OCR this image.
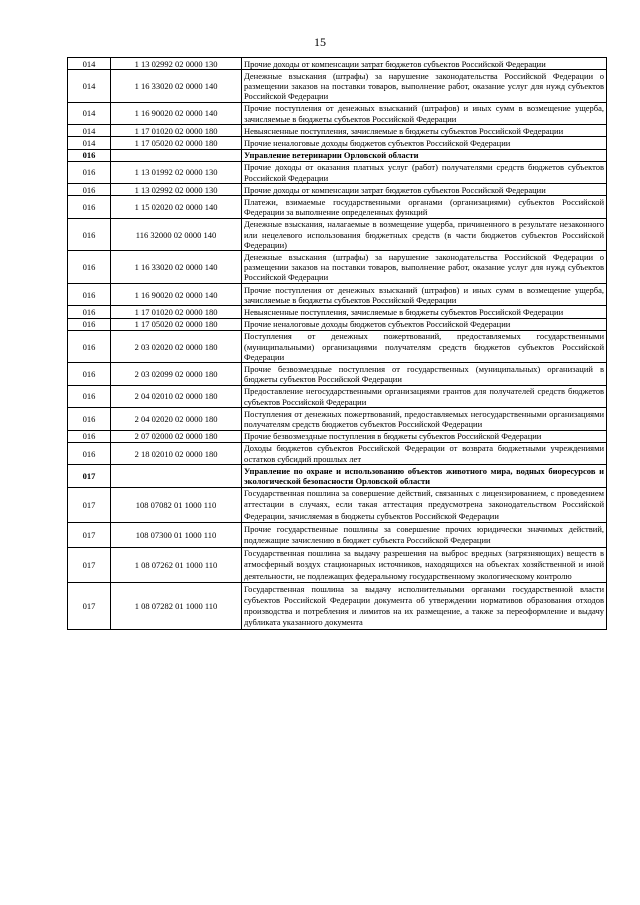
15
014	1 13 02992 02 0000 130	Прочие доходы от компенсации затрат бюджетов субъектов Российской Федерации
014	1 16 33020 02 0000 140	Денежные взыскания (штрафы) за нарушение законодательства Российской Федерации о размещении заказов на поставки товаров, выполнение работ, оказание услуг для нужд субъектов Российской Федерации
014	1 16 90020 02 0000 140	Прочие поступления от денежных взысканий (штрафов) и иных сумм в возмещение ущерба, зачисляемые в бюджеты субъектов Российской Федерации
014	1 17 01020 02 0000 180	Невыясненные поступления, зачисляемые в бюджеты субъектов Российской Федерации
014	1 17 05020 02 0000 180	Прочие неналоговые доходы бюджетов субъектов Российской Федерации
016		Управление ветеринарии Орловской области
016	1 13 01992 02 0000 130	Прочие доходы от оказания платных услуг (работ) получателями средств бюджетов субъектов Российской Федерации
016	1 13 02992 02 0000 130	Прочие доходы от компенсации затрат бюджетов субъектов Российской Федерации
016	1 15 02020 02 0000 140	Платежи, взимаемые государственными органами (организациями) субъектов Российской Федерации за выполнение определенных функций
016	116 32000 02 0000 140	Денежные взыскания, налагаемые в возмещение ущерба, причиненного в результате незаконного или нецелевого использования бюджетных средств (в части бюджетов субъектов Российской Федерации)
016	1 16 33020 02 0000 140	Денежные взыскания (штрафы) за нарушение законодательства Российской Федерации о размещении заказов на поставки товаров, выполнение работ, оказание услуг для нужд субъектов Российской Федерации
016	1 16 90020 02 0000 140	Прочие поступления от денежных взысканий (штрафов) и иных сумм в возмещение ущерба, зачисляемые в бюджеты субъектов Российской Федерации
016	1 17 01020 02 0000 180	Невыясненные поступления, зачисляемые в бюджеты субъектов Российской Федерации
016	1 17 05020 02 0000 180	Прочие неналоговые доходы бюджетов субъектов Российской Федерации
016	2 03 02020 02 0000 180	Поступления от денежных пожертвований, предоставляемых государственными (муниципальными) организациями получателям средств бюджетов субъектов Российской Федерации
016	2 03 02099 02 0000 180	Прочие безвозмездные поступления от государственных (муниципальных) организаций в бюджеты субъектов Российской Федерации
016	2 04 02010 02 0000 180	Предоставление негосударственными организациями грантов для получателей средств бюджетов субъектов Российской Федерации
016	2 04 02020 02 0000 180	Поступления от денежных пожертвований, предоставляемых негосударственными организациями получателям средств бюджетов субъектов Российской Федерации
016	2 07 02000 02 0000 180	Прочие безвозмездные поступления в бюджеты субъектов Российской Федерации
016	2 18 02010 02 0000 180	Доходы бюджетов субъектов Российской Федерации от возврата бюджетными учреждениями остатков субсидий прошлых лет
017		Управление по охране и использованию объектов животного мира, водных биоресурсов и экологической безопасности Орловской области
017	108 07082 01 1000 110	Государственная пошлина за совершение действий, связанных с лицензированием, с проведением аттестации в случаях, если такая аттестация предусмотрена законодательством Российской Федерации, зачисляемая в бюджеты субъектов Российской Федерации
017	108 07300 01 1000 110	Прочие государственные пошлины за совершение прочих юридически значимых действий, подлежащие зачислению в бюджет субъекта Российской Федерации
017	1 08 07262 01 1000 110	Государственная пошлина за выдачу разрешения на выброс вредных (загрязняющих) веществ в атмосферный воздух стационарных источников, находящихся на объектах хозяйственной и иной деятельности, не подлежащих федеральному государственному экологическому контролю
017	1 08 07282 01 1000 110	Государственная пошлина за выдачу исполнительными органами государственной власти субъектов Российской Федерации документа об утверждении нормативов образования отходов производства и потребления и лимитов на их размещение, а также за переоформление и выдачу дубликата указанного документа
